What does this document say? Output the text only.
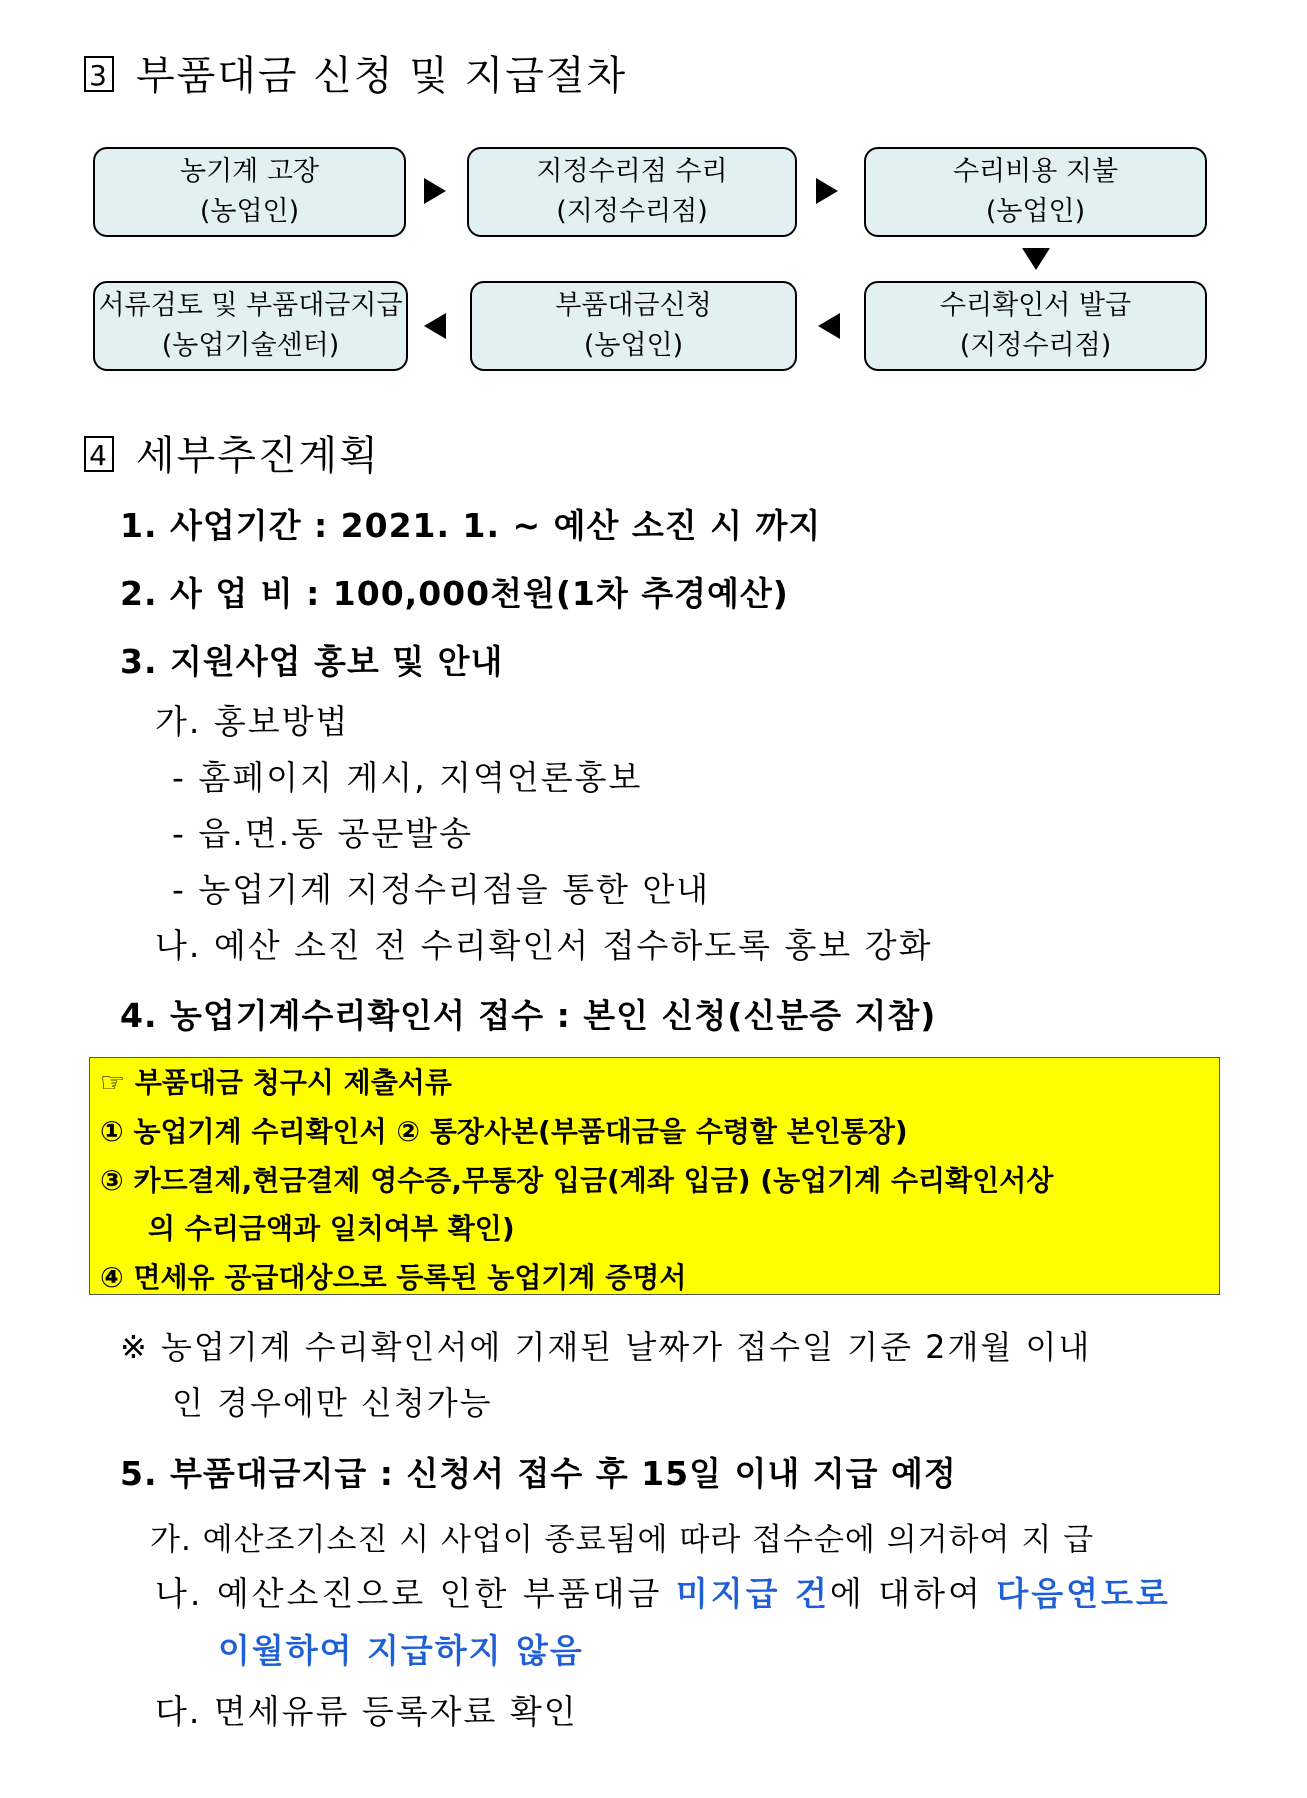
3 부품대금 신청 및 지급절차
농기계 고장
(농업인)
지정수리점 수리
(지정수리점)
수리비용 지불
(농업인)
서류검토 및 부품대금지급
(농업기술센터)
부품대금신청
(농업인)
수리확인서 발급
(지정수리점)
4 세부추진계획
1. 사업기간 : 2021. 1. ~ 예산 소진 시 까지
2. 사 업 비 : 100,000천원(1차 추경예산)
3. 지원사업 홍보 및 안내
가. 홍보방법
- 홈페이지 게시, 지역언론홍보
- 읍.면.동 공문발송
- 농업기계 지정수리점을 통한 안내
나. 예산 소진 전 수리확인서 접수하도록 홍보 강화
4. 농업기계수리확인서 접수 : 본인 신청(신분증 지참)
☞ 부품대금 청구시 제출서류
① 농업기계 수리확인서 ② 통장사본(부품대금을 수령할 본인통장)
③ 카드결제,현금결제 영수증,무통장 입금(계좌 입금) (농업기계 수리확인서상
의 수리금액과 일치여부 확인)
④ 면세유 공급대상으로 등록된 농업기계 증명서
※ 농업기계 수리확인서에 기재된 날짜가 접수일 기준 2개월 이내
인 경우에만 신청가능
5. 부품대금지급 : 신청서 접수 후 15일 이내 지급 예정
가. 예산조기소진 시 사업이 종료됨에 따라 접수순에 의거하여 지 급
나. 예산소진으로 인한 부품대금 미지급 건에 대하여 다음연도로
이월하여 지급하지 않음
다. 면세유류 등록자료 확인
